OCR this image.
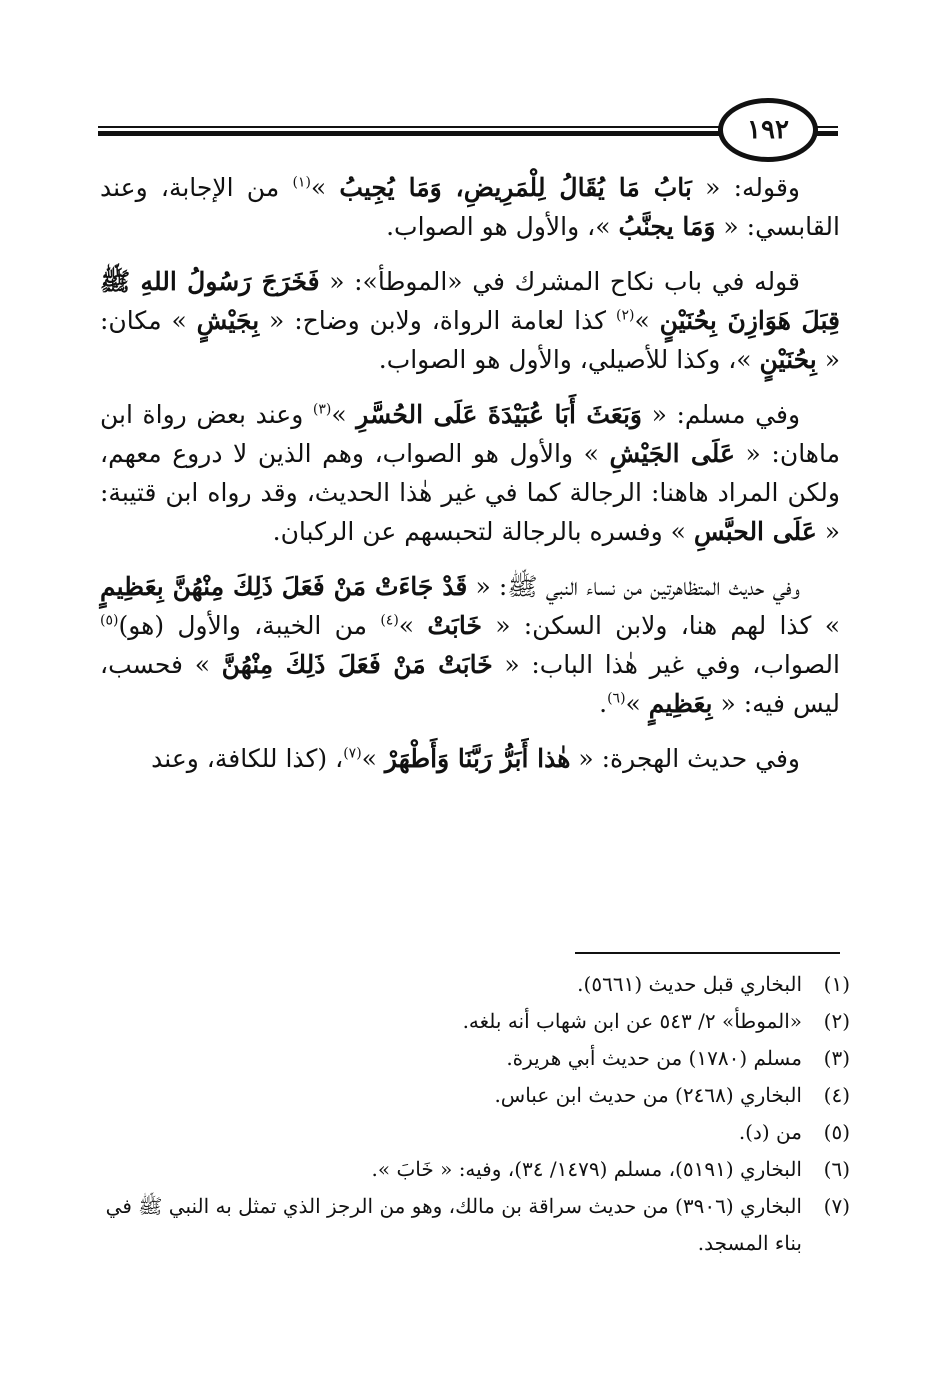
١٩٢

وقوله: « بَابُ مَا يُقَالُ لِلْمَرِيضِ، وَمَا يُجِيبُ »$^{(١)}$ من الإجابة، وعند القابسي: « وَمَا يجنَّبُ »، والأول هو الصواب.

قوله في باب نكاح المشرك في «الموطأ»: « فَخَرَجَ رَسُولُ اللهِ ﷺ قِبَلَ هَوَازِنَ بِحُنَيْنٍ »$^{(٢)}$ كذا لعامة الرواة، ولابن وضاح: « بِجَيْشٍ » مكان: « بِحُنَيْنٍ »، وكذا للأصيلي، والأول هو الصواب.

وفي مسلم: « وَبَعَثَ أَبَا عُبَيْدَةَ عَلَى الحُسَّرِ »$^{(٣)}$ وعند بعض رواة ابن ماهان: « عَلَى الجَيْشِ » والأول هو الصواب، وهم الذين لا دروع معهم، ولكن المراد هاهنا: الرجالة كما في غير هٰذا الحديث، وقد رواه ابن قتيبة: « عَلَى الحبَّسِ » وفسره بالرجالة لتحبسهم عن الركبان.

وفي حديث المتظاهرتين من نساء النبي ﷺ: « قَدْ جَاءَتْ مَنْ فَعَلَ ذَلِكَ مِنْهُنَّ بِعَظِيمٍ » كذا لهم هنا، ولابن السكن: « خَابَتْ »$^{(٤)}$ من الخيبة، والأول (هو)$^{(٥)}$ الصواب، وفي غير هٰذا الباب: « خَابَتْ مَنْ فَعَلَ ذَلِكَ مِنْهُنَّ » فحسب، ليس فيه: « بِعَظِيمٍ »$^{(٦)}$.

وفي حديث الهجرة: « هٰذا أَبَرُّ رَبَّنَا وَأَطْهَرْ »$^{(٧)}$، (كذا للكافة، وعند

(١)
البخاري قبل حديث (٥٦٦١).
(٢)
«الموطأ» ٢/ ٥٤٣ عن ابن شهاب أنه بلغه.
(٣)
مسلم (١٧٨٠) من حديث أبي هريرة.
(٤)
البخاري (٢٤٦٨) من حديث ابن عباس.
(٥)
من (د).
(٦)
البخاري (٥١٩١)، مسلم (١٤٧٩/ ٣٤)، وفيه: « خَابَ ».
(٧)
البخاري (٣٩٠٦) من حديث سراقة بن مالك، وهو من الرجز الذي تمثل به النبي ﷺ في بناء المسجد.
